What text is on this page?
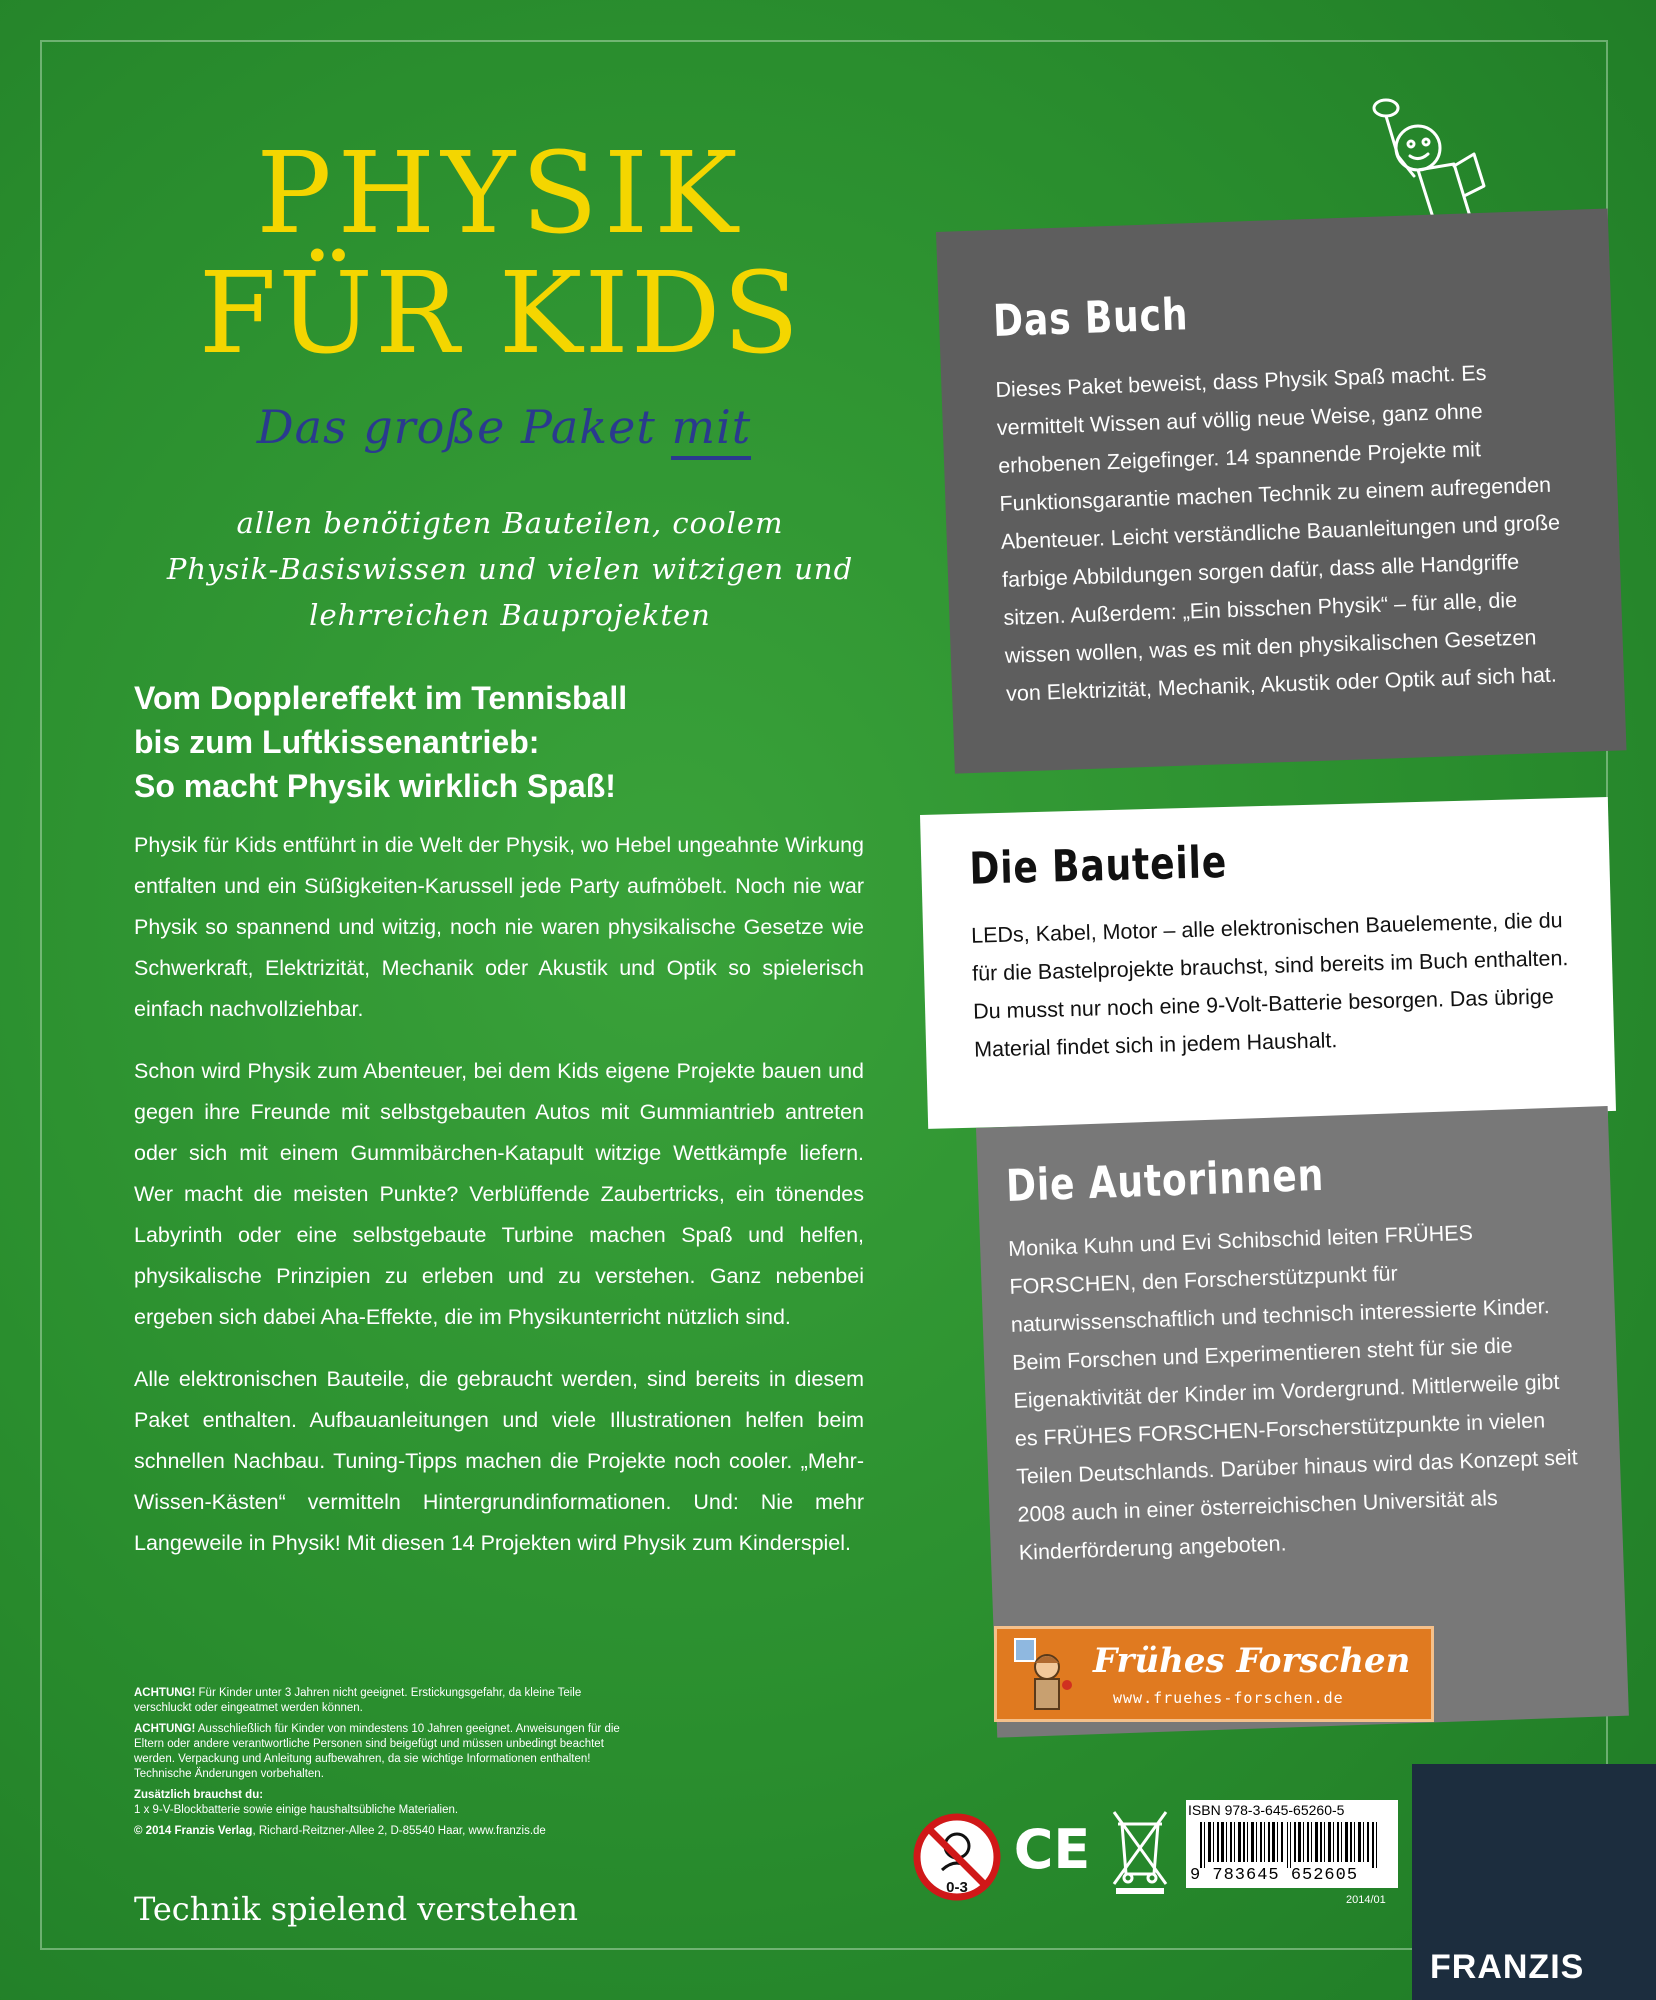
PHYSIK
FÜR KIDS
Das große Paket mit
allen benötigten Bauteilen, coolem
Physik-Basiswissen und vielen witzigen und
lehrreichen Bauprojekten
Vom Dopplereffekt im Tennisball
bis zum Luftkissenantrieb:
So macht Physik wirklich Spaß!

Physik für Kids entführt in die Welt der Physik, wo Hebel ungeahnte Wirkung entfalten und ein Süßigkeiten-Karussell jede Party aufmöbelt. Noch nie war Physik so spannend und witzig, noch nie waren physikalische Gesetze wie Schwerkraft, Elektrizität, Mechanik oder Akustik und Optik so spielerisch einfach nachvollziehbar.

Schon wird Physik zum Abenteuer, bei dem Kids eigene Projekte bauen und gegen ihre Freunde mit selbstgebauten Autos mit Gummiantrieb antreten oder sich mit einem Gummibärchen-Katapult witzige Wettkämpfe liefern. Wer macht die meisten Punkte? Verblüffende Zaubertricks, ein tönendes Labyrinth oder eine selbstgebaute Turbine machen Spaß und helfen, physikalische Prinzipien zu erleben und zu verstehen. Ganz nebenbei ergeben sich dabei Aha-Effekte, die im Physikunterricht nützlich sind.

Alle elektronischen Bauteile, die gebraucht werden, sind bereits in diesem Paket enthalten. Aufbauanleitungen und viele Illustrationen helfen beim schnellen Nachbau. Tuning-Tipps machen die Projekte noch cooler. „Mehr-Wissen-Kästen“ vermitteln Hintergrundinformationen. Und: Nie mehr Langeweile in Physik! Mit diesen 14 Projekten wird Physik zum Kinderspiel.

ACHTUNG! Für Kinder unter 3 Jahren nicht geeignet. Erstickungsgefahr, da kleine Teile verschluckt oder eingeatmet werden können.

ACHTUNG! Ausschließlich für Kinder von mindestens 10 Jahren geeignet. Anweisungen für die Eltern oder andere verantwortliche Personen sind beigefügt und müssen unbedingt beachtet werden. Verpackung und Anleitung aufbewahren, da sie wichtige Informationen enthalten! Technische Änderungen vorbehalten.

Zusätzlich brauchst du:
1 x 9-V-Blockbatterie sowie einige haushaltsübliche Materialien.

© 2014 Franzis Verlag, Richard-Reitzner-Allee 2, D-85540 Haar, www.franzis.de

Technik spielend verstehen
Das Buch
Dieses Paket beweist, dass Physik Spaß macht. Es vermittelt Wissen auf völlig neue Weise, ganz ohne erhobenen Zeigefinger. 14 spannende Projekte mit Funktionsgarantie machen Technik zu einem aufregenden Abenteuer. Leicht verständliche Bauanleitungen und große farbige Abbildungen sorgen dafür, dass alle Handgriffe sitzen. Außerdem: „Ein bisschen Physik“ – für alle, die wissen wollen, was es mit den physikalischen Gesetzen von Elektrizität, Mechanik, Akustik oder Optik auf sich hat.
Die Bauteile
LEDs, Kabel, Motor – alle elektronischen Bauelemente, die du für die Bastelprojekte brauchst, sind bereits im Buch enthalten. Du musst nur noch eine 9-Volt-Batterie besorgen. Das übrige Material findet sich in jedem Haushalt.
Die Autorinnen
Monika Kuhn und Evi Schibschid leiten FRÜHES FORSCHEN, den Forscherstützpunkt für naturwissenschaftlich und technisch interessierte Kinder. Beim Forschen und Experimentieren steht für sie die Eigenaktivität der Kinder im Vordergrund. Mittlerweile gibt es FRÜHES FORSCHEN-Forscherstützpunkte in vielen Teilen Deutschlands. Darüber hinaus wird das Konzept seit 2008 auch in einer österreichischen Universität als Kinderförderung angeboten.
Frühes Forschen
www.fruehes-forschen.de
0-3
CE
ISBN 978-3-645-65260-5
9 783645 652605
2014/01
FRANZIS
